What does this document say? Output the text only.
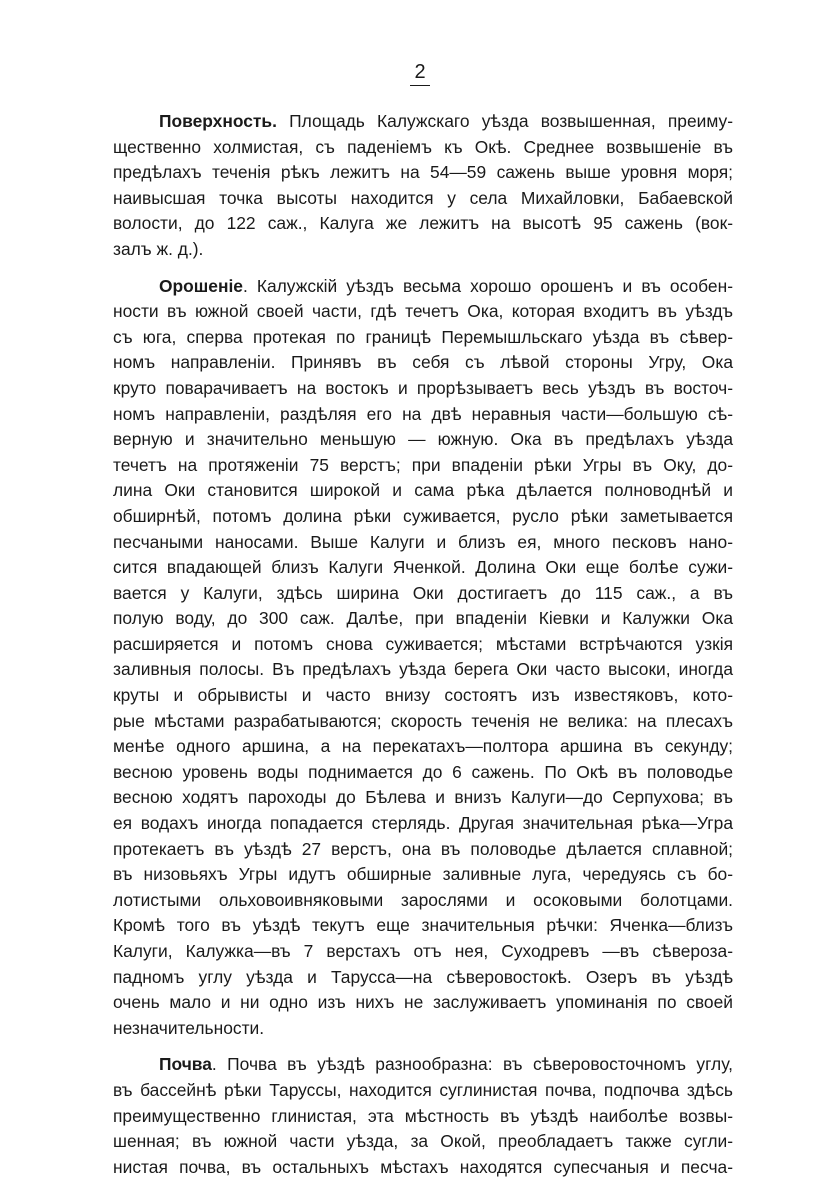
2
Поверхность. Площадь Калужскаго уѣзда возвышенная, преиму-
щественно холмистая, съ паденіемъ къ Окѣ. Среднее возвышеніе въ
предѣлахъ теченія рѣкъ лежитъ на 54—59 сажень выше уровня моря;
наивысшая точка высоты находится у села Михайловки, Бабаевской
волости, до 122 саж., Калуга же лежитъ на высотѣ 95 сажень (вок-
залъ ж. д.).
Орошеніе. Калужскій уѣздъ весьма хорошо орошенъ и въ особен-
ности въ южной своей части, гдѣ течетъ Ока, которая входитъ въ уѣздъ
съ юга, сперва протекая по границѣ Перемышльскаго уѣзда въ сѣвер-
номъ направленіи. Принявъ въ себя съ лѣвой стороны Угру, Ока
круто поварачиваетъ на востокъ и прорѣзываетъ весь уѣздъ въ восточ-
номъ направленіи, раздѣляя его на двѣ неравныя части—большую сѣ-
верную и значительно меньшую — южную. Ока въ предѣлахъ уѣзда
течетъ на протяженіи 75 верстъ; при впаденіи рѣки Угры въ Оку, до-
лина Оки становится широкой и сама рѣка дѣлается полноводнѣй и
обширнѣй, потомъ долина рѣки суживается, русло рѣки заметывается
песчаными наносами. Выше Калуги и близъ ея, много песковъ нано-
сится впадающей близъ Калуги Яченкой. Долина Оки еще болѣе сужи-
вается у Калуги, здѣсь ширина Оки достигаетъ до 115 саж., а въ
полую воду, до 300 саж. Далѣе, при впаденіи Кіевки и Калужки Ока
расширяется и потомъ снова суживается; мѣстами встрѣчаются узкія
заливныя полосы. Въ предѣлахъ уѣзда берега Оки часто высоки, иногда
круты и обрывисты и часто внизу состоятъ изъ известяковъ, кото-
рые мѣстами разрабатываются; скорость теченія не велика: на плесахъ
менѣе одного аршина, а на перекатахъ—полтора аршина въ секунду;
весною уровень воды поднимается до 6 сажень. По Окѣ въ половодье
весною ходятъ пароходы до Бѣлева и внизъ Калуги—до Серпухова; въ
ея водахъ иногда попадается стерлядь. Другая значительная рѣка—Угра
протекаетъ въ уѣздѣ 27 верстъ, она въ половодье дѣлается сплавной;
въ низовьяхъ Угры идутъ обширные заливные луга, чередуясь съ бо-
лотистыми ольховоивняковыми зарослями и осоковыми болотцами.
Кромѣ того въ уѣздѣ текутъ еще значительныя рѣчки: Яченка—близъ
Калуги, Калужка—въ 7 верстахъ отъ нея, Суходревъ —въ сѣвероза-
падномъ углу уѣзда и Тарусса—на сѣверовостокѣ. Озеръ въ уѣздѣ
очень мало и ни одно изъ нихъ не заслуживаетъ упоминанія по своей
незначительности.
Почва. Почва въ уѣздѣ разнообразна: въ сѣверовосточномъ углу,
въ бассейнѣ рѣки Таруссы, находится суглинистая почва, подпочва здѣсь
преимущественно глинистая, эта мѣстность въ уѣздѣ наиболѣе возвы-
шенная; въ южной части уѣзда, за Окой, преобладаетъ также сугли-
нистая почва, въ остальныхъ мѣстахъ находятся супесчаныя и песча-
